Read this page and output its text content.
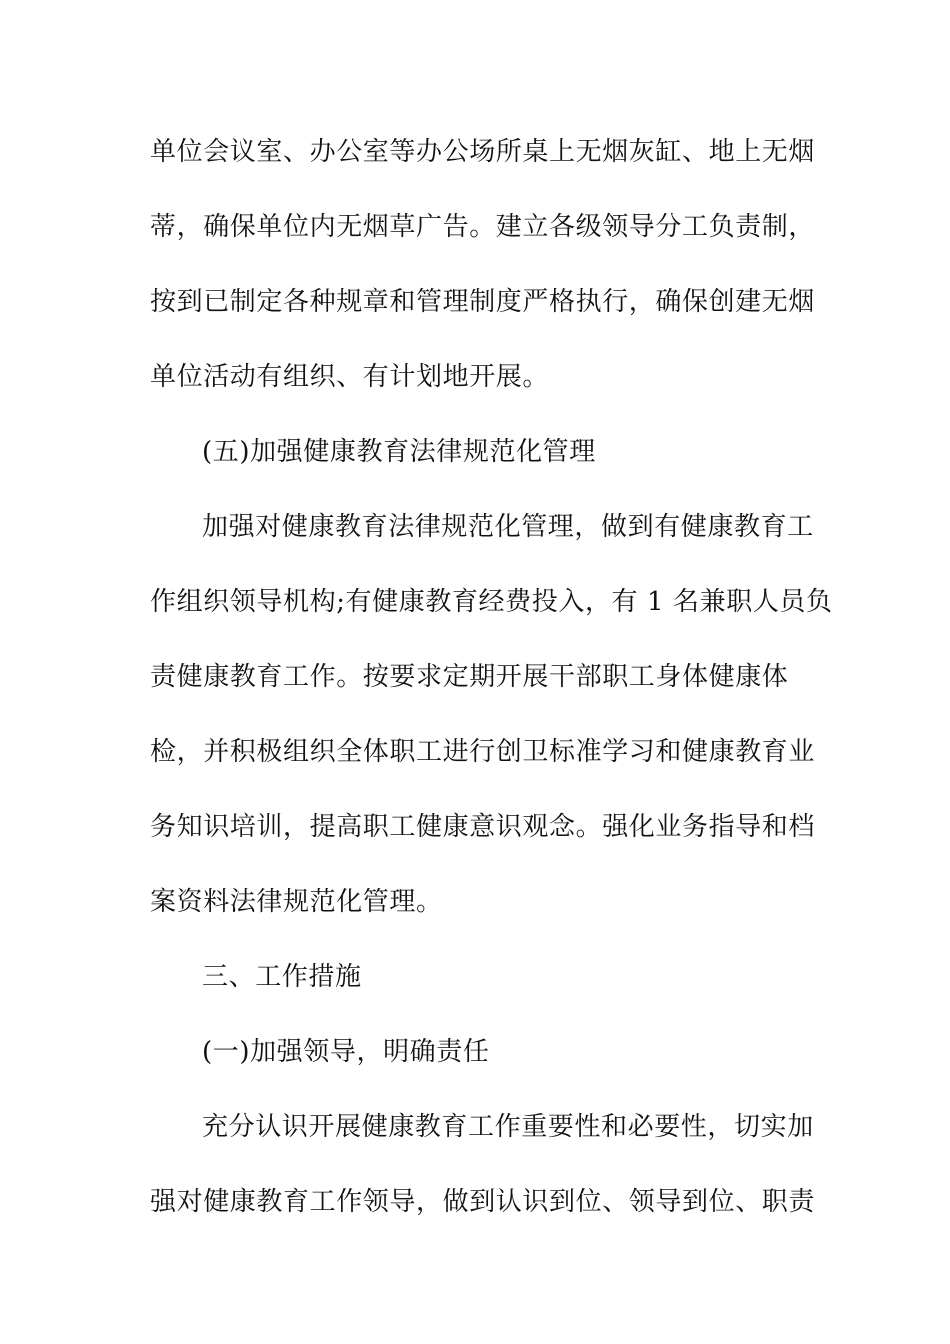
单位会议室、办公室等办公场所桌上无烟灰缸、地上无烟
蒂，确保单位内无烟草广告。建立各级领导分工负责制，
按到已制定各种规章和管理制度严格执行，确保创建无烟
单位活动有组织、有计划地开展。
(五)加强健康教育法律规范化管理
加强对健康教育法律规范化管理，做到有健康教育工
作组织领导机构;有健康教育经费投入，有 1 名兼职人员负
责健康教育工作。按要求定期开展干部职工身体健康体
检，并积极组织全体职工进行创卫标准学习和健康教育业
务知识培训，提高职工健康意识观念。强化业务指导和档
案资料法律规范化管理。
三、工作措施
(一)加强领导，明确责任
充分认识开展健康教育工作重要性和必要性，切实加
强对健康教育工作领导，做到认识到位、领导到位、职责
